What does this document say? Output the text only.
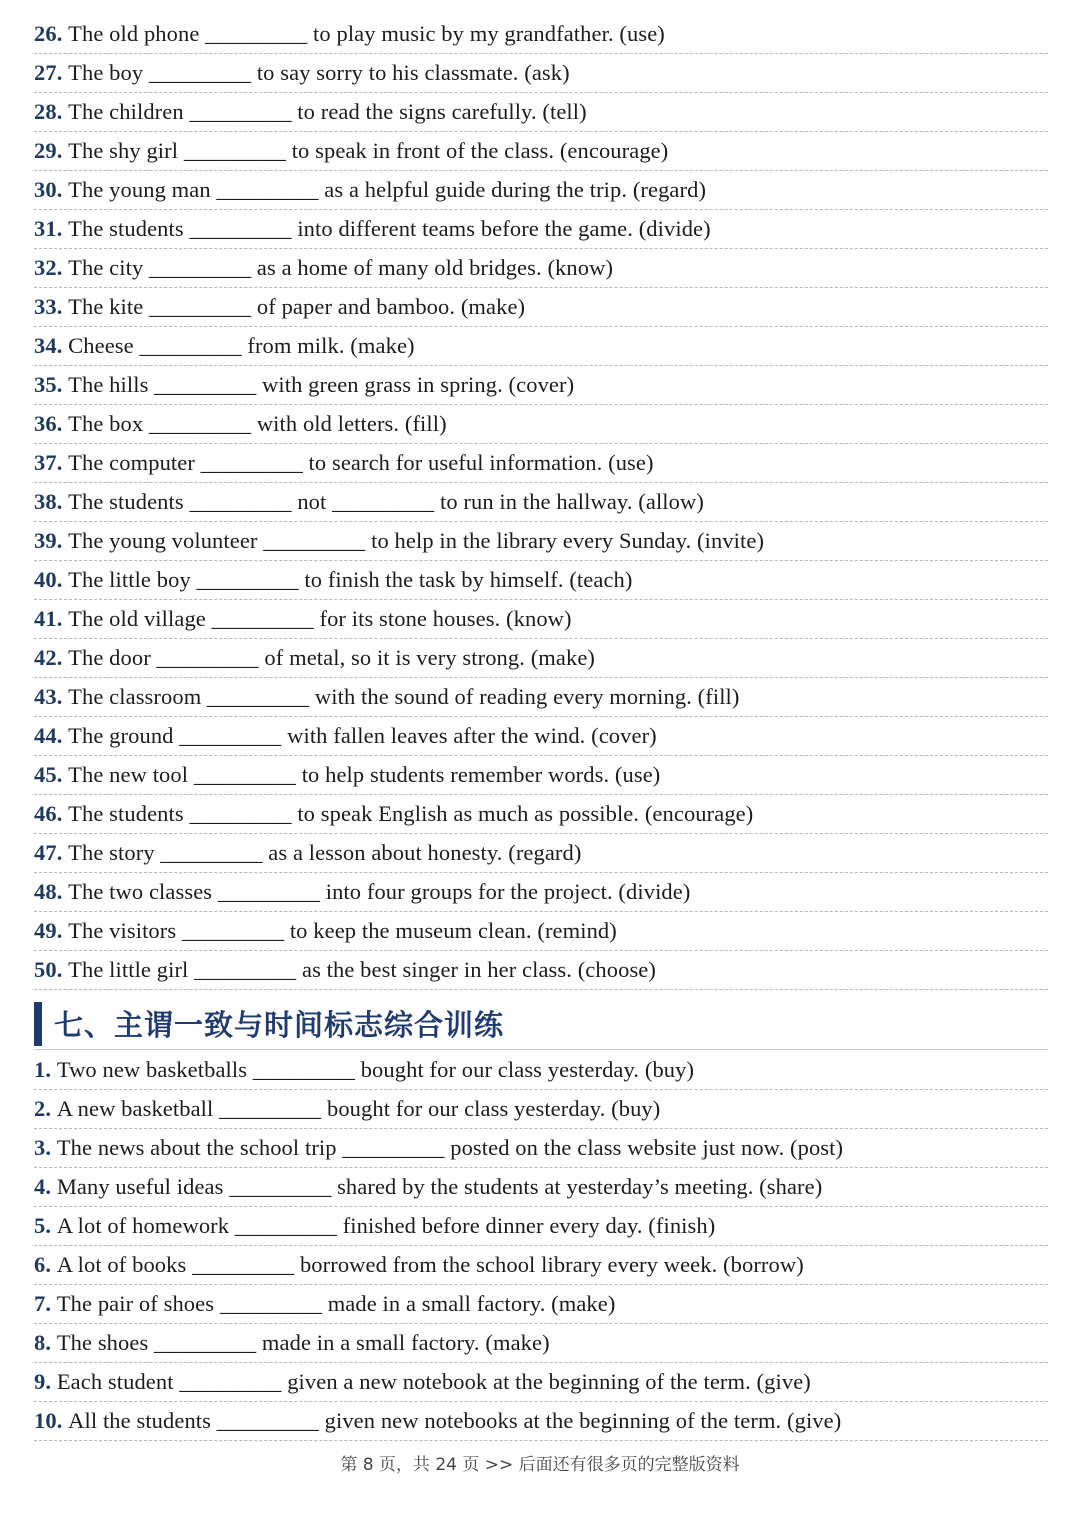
26.
The old phone _________ to play music by my grandfather. (use)
27.
The boy _________ to say sorry to his classmate. (ask)
28.
The children _________ to read the signs carefully. (tell)
29.
The shy girl _________ to speak in front of the class. (encourage)
30.
The young man _________ as a helpful guide during the trip. (regard)
31.
The students _________ into different teams before the game. (divide)
32.
The city _________ as a home of many old bridges. (know)
33.
The kite _________ of paper and bamboo. (make)
34.
Cheese _________ from milk. (make)
35.
The hills _________ with green grass in spring. (cover)
36.
The box _________ with old letters. (fill)
37.
The computer _________ to search for useful information. (use)
38.
The students _________ not _________ to run in the hallway. (allow)
39.
The young volunteer _________ to help in the library every Sunday. (invite)
40.
The little boy _________ to finish the task by himself. (teach)
41.
The old village _________ for its stone houses. (know)
42.
The door _________ of metal, so it is very strong. (make)
43.
The classroom _________ with the sound of reading every morning. (fill)
44.
The ground _________ with fallen leaves after the wind. (cover)
45.
The new tool _________ to help students remember words. (use)
46.
The students _________ to speak English as much as possible. (encourage)
47.
The story _________ as a lesson about honesty. (regard)
48.
The two classes _________ into four groups for the project. (divide)
49.
The visitors _________ to keep the museum clean. (remind)
50.
The little girl _________ as the best singer in her class. (choose)
七、主谓一致与时间标志综合训练
1.
Two new basketballs _________ bought for our class yesterday. (buy)
2.
A new basketball _________ bought for our class yesterday. (buy)
3.
The news about the school trip _________ posted on the class website just now. (post)
4.
Many useful ideas _________ shared by the students at yesterday’s meeting. (share)
5.
A lot of homework _________ finished before dinner every day. (finish)
6.
A lot of books _________ borrowed from the school library every week. (borrow)
7.
The pair of shoes _________ made in a small factory. (make)
8.
The shoes _________ made in a small factory. (make)
9.
Each student _________ given a new notebook at the beginning of the term. (give)
10.
All the students _________ given new notebooks at the beginning of the term. (give)
第 8 页，共 24 页 >> 后面还有很多页的完整版资料
